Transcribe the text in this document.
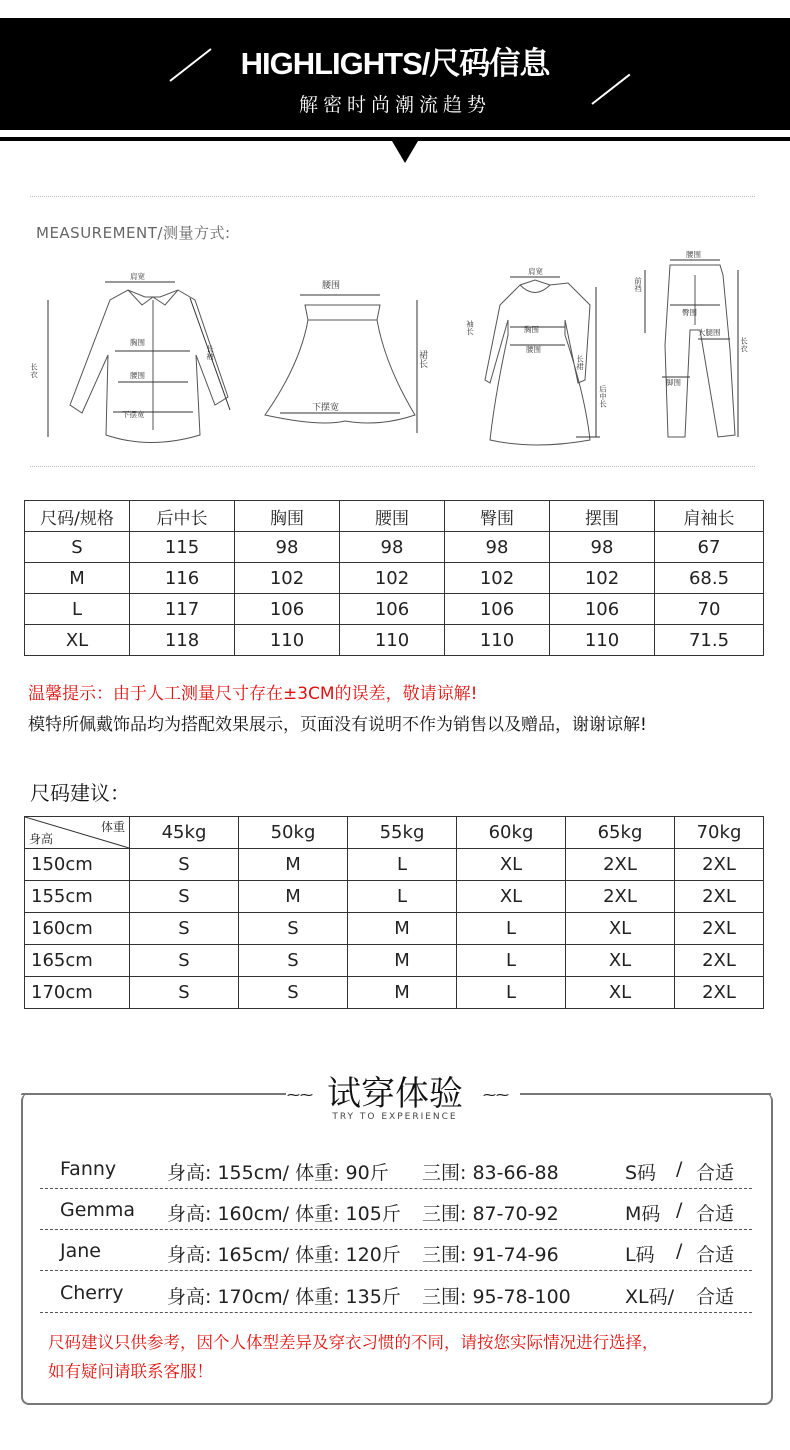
HIGHLIGHTS/尺码信息
解密时尚潮流趋势
MEASUREMENT/测量方式:
肩宽
胸围
腰围
下摆宽
长衣
长袖
腰围
下摆宽
裙长
肩宽
胸围
腰围
袖长
长裙
后中长
腰围
前裆
臀围
大腿围
长衣
脚围
尺码/规格	后中长	胸围	腰围	臀围	摆围	肩袖长
S	115	98	98	98	98	67
M	116	102	102	102	102	68.5
L	117	106	106	106	106	70
XL	118	110	110	110	110	71.5
温馨提示：由于人工测量尺寸存在±3CM的误差，敬请谅解!
模特所佩戴饰品均为搭配效果展示，页面没有说明不作为销售以及赠品，谢谢谅解!
尺码建议：
体重
身高	45kg	50kg	55kg	60kg	65kg	70kg
150cm	S	M	L	XL	2XL	2XL
155cm	S	M	L	XL	2XL	2XL
160cm	S	S	M	L	XL	2XL
165cm	S	S	M	L	XL	2XL
170cm	S	S	M	L	XL	2XL
⁓⁓	⁓⁓
试穿体验
TRY TO EXPERIENCE
Fanny	身高: 155cm/ 体重: 90斤 三围: 83-66-88	S码 / 合适
Gemma 身高: 160cm/ 体重: 105斤 三围: 87-70-92	M码 / 合适
Jane	身高: 165cm/ 体重: 120斤 三围: 91-74-96	L码 / 合适
Cherry 身高: 170cm/ 体重: 135斤 三围: 95-78-100	XL码/ 合适
尺码建议只供参考，因个人体型差异及穿衣习惯的不同，请按您实际情况进行选择，
如有疑问请联系客服！
